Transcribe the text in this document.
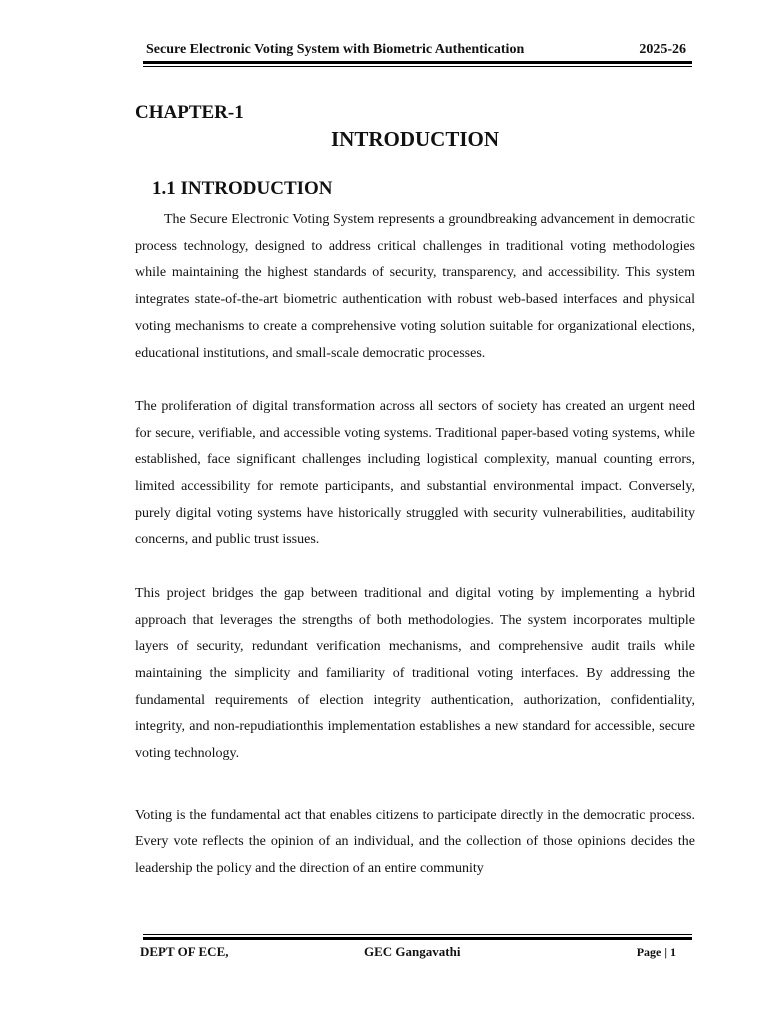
Secure Electronic Voting System with Biometric Authentication	2025-26
CHAPTER-1
INTRODUCTION
1.1 INTRODUCTION

The Secure Electronic Voting System represents a groundbreaking advancement in democratic process technology, designed to address critical challenges in traditional voting methodologies while maintaining the highest standards of security, transparency, and accessibility. This system integrates state-of-the-art biometric authentication with robust web-based interfaces and physical voting mechanisms to create a comprehensive voting solution suitable for organizational elections, educational institutions, and small-scale democratic processes.

The proliferation of digital transformation across all sectors of society has created an urgent need for secure, verifiable, and accessible voting systems. Traditional paper-based voting systems, while established, face significant challenges including logistical complexity, manual counting errors, limited accessibility for remote participants, and substantial environmental impact. Conversely, purely digital voting systems have historically struggled with security vulnerabilities, auditability concerns, and public trust issues.

This project bridges the gap between traditional and digital voting by implementing a hybrid approach that leverages the strengths of both methodologies. The system incorporates multiple layers of security, redundant verification mechanisms, and comprehensive audit trails while maintaining the simplicity and familiarity of traditional voting interfaces. By addressing the fundamental requirements of election integrity authentication, authorization, confidentiality, integrity, and non-repudiationthis implementation establishes a new standard for accessible, secure voting technology.

Voting is the fundamental act that enables citizens to participate directly in the democratic process. Every vote reflects the opinion of an individual, and the collection of those opinions decides the leadership the policy and the direction of an entire community

DEPT OF ECE,	GEC Gangavathi	Page | 1
